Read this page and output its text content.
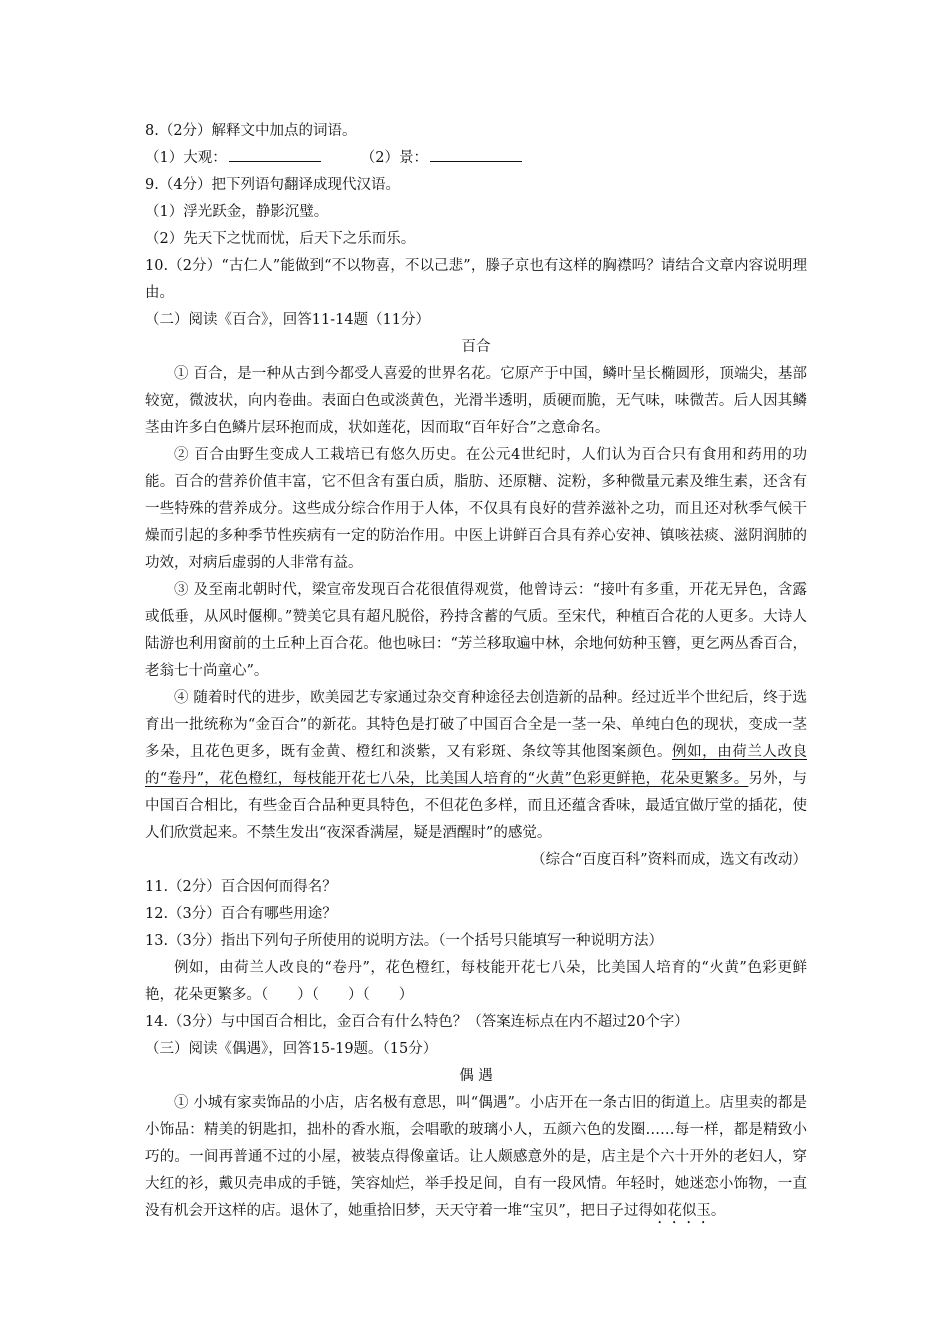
8.（2分）解释文中加点的词语。
（1）大观：	（2）景：
9.（4分）把下列语句翻译成现代汉语。
（1）浮光跃金，静影沉璧。
（2）先天下之忧而忧，后天下之乐而乐。
10.（2分）“古仁人”能做到“不以物喜，不以己悲”，滕子京也有这样的胸襟吗？请结合文章内容说明理由。
（二）阅读《百合》，回答11-14题（11分）
百合
① 百合，是一种从古到今都受人喜爱的世界名花。它原产于中国，鳞叶呈长椭圆形，顶端尖，基部较宽，微波状，向内卷曲。表面白色或淡黄色，光滑半透明，质硬而脆，无气味，味微苦。后人因其鳞茎由许多白色鳞片层环抱而成，状如莲花，因而取“百年好合”之意命名。
② 百合由野生变成人工栽培已有悠久历史。在公元4世纪时，人们认为百合只有食用和药用的功能。百合的营养价值丰富，它不但含有蛋白质，脂肪、还原糖、淀粉，多种微量元素及维生素，还含有一些特殊的营养成分。这些成分综合作用于人体，不仅具有良好的营养滋补之功，而且还对秋季气候干燥而引起的多种季节性疾病有一定的防治作用。中医上讲鲜百合具有养心安神、镇咳祛痰、滋阴润肺的功效，对病后虚弱的人非常有益。
③ 及至南北朝时代，梁宣帝发现百合花很值得观赏，他曾诗云：“接叶有多重，开花无异色，含露或低垂，从风时偃柳。”赞美它具有超凡脱俗，矜持含蓄的气质。至宋代，种植百合花的人更多。大诗人陆游也利用窗前的土丘种上百合花。他也咏曰：“芳兰移取遍中林，余地何妨种玉簪，更乞两丛香百合，老翁七十尚童心”。
④ 随着时代的进步，欧美园艺专家通过杂交育种途径去创造新的品种。经过近半个世纪后，终于选育出一批统称为“金百合”的新花。其特色是打破了中国百合全是一茎一朵、单纯白色的现状，变成一茎多朵，且花色更多，既有金黄、橙红和淡紫，又有彩斑、条纹等其他图案颜色。例如，由荷兰人改良的“卷丹”，花色橙红，每枝能开花七八朵，比美国人培育的“火黄”色彩更鲜艳，花朵更繁多。另外，与中国百合相比，有些金百合品种更具特色，不但花色多样，而且还蕴含香味，最适宜做厅堂的插花，使人们欣赏起来。不禁生发出“夜深香满屋，疑是酒醒时”的感觉。
（综合“百度百科”资料而成，选文有改动）
11.（2分）百合因何而得名？
12.（3分）百合有哪些用途？
13.（3分）指出下列句子所使用的说明方法。（一个括号只能填写一种说明方法）
例如，由荷兰人改良的“卷丹”，花色橙红，每枝能开花七八朵，比美国人培育的“火黄”色彩更鲜艳，花朵更繁多。（　　）（　　）（　　）
14.（3分）与中国百合相比，金百合有什么特色？（答案连标点在内不超过20个字）
（三）阅读《偶遇》，回答15-19题。（15分）
偶 遇
① 小城有家卖饰品的小店，店名极有意思，叫“偶遇”。小店开在一条古旧的街道上。店里卖的都是小饰品：精美的钥匙扣，拙朴的香水瓶，会唱歌的玻璃小人，五颜六色的发圈……每一样，都是精致小巧的。一间再普通不过的小屋，被装点得像童话。让人颇感意外的是，店主是个六十开外的老妇人，穿大红的衫，戴贝壳串成的手链，笑容灿烂，举手投足间，自有一段风情。年轻时，她迷恋小饰物，一直没有机会开这样的店。退休了，她重拾旧梦，天天守着一堆“宝贝”，把日子过得如花似玉。
